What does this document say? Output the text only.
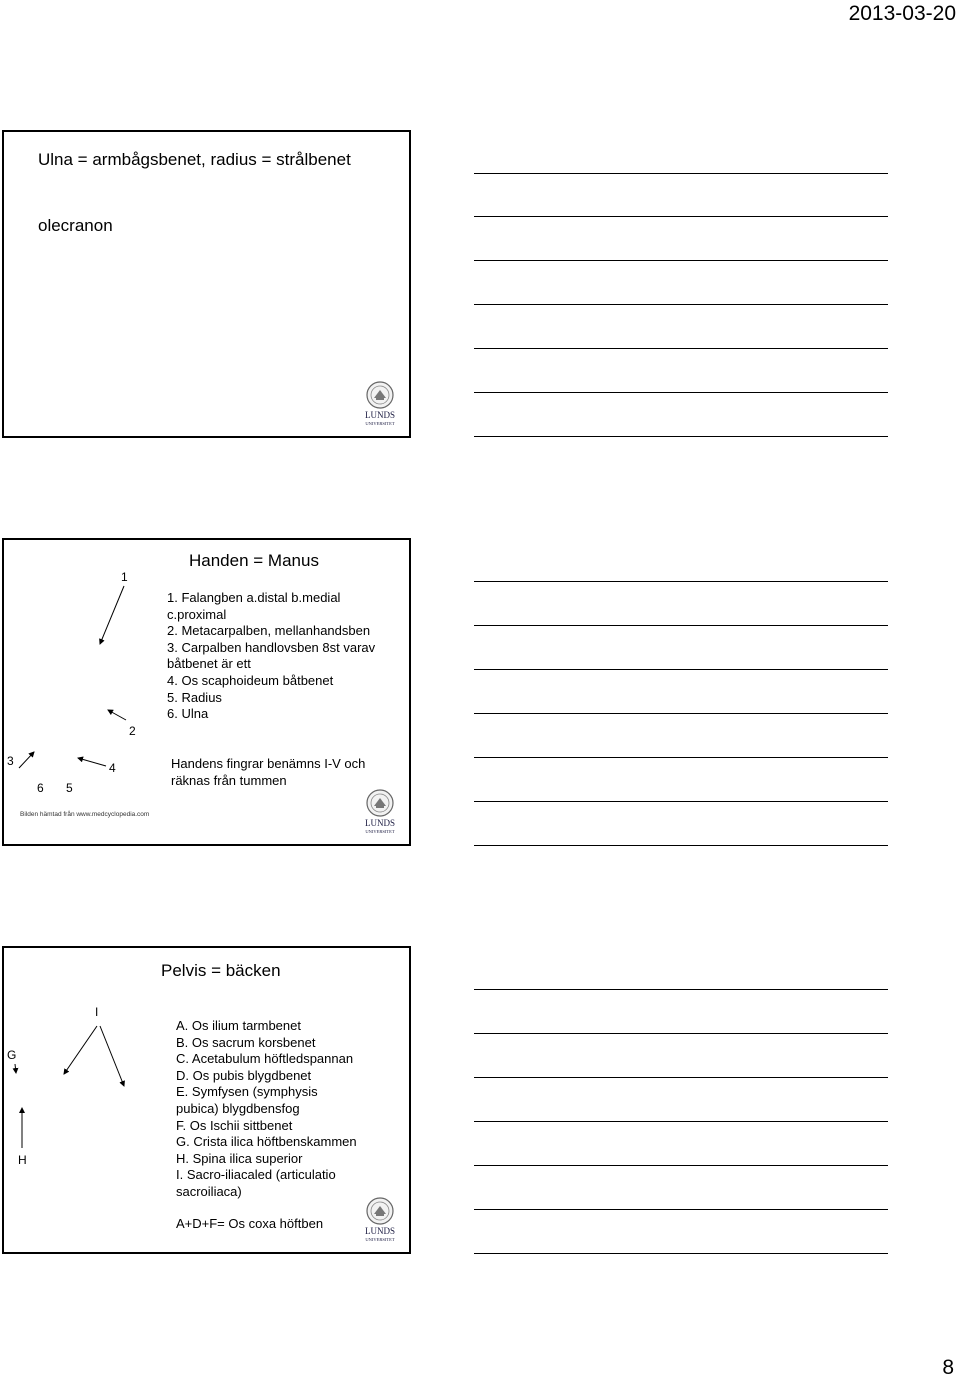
2013-03-20
Ulna = armbågsbenet, radius = strålbenet
olecranon
LUNDS
UNIVERSITET
Handen = Manus
1. Falangben a.distal b.medial
c.proximal
2. Metacarpalben, mellanhandsben
3. Carpalben handlovsben 8st varav
båtbenet är ett
4. Os scaphoideum båtbenet
5. Radius
6. Ulna
Handens fingrar benämns I-V och
räknas från tummen
1
2
3	4
5
6
Bilden hämtad från www.medcyclopedia.com
LUNDS
UNIVERSITET
Pelvis = bäcken
A. Os ilium tarmbenet
B. Os sacrum korsbenet
C. Acetabulum höftledspannan
D. Os pubis blygdbenet
E. Symfysen (symphysis
pubica) blygdbensfog
F. Os Ischii sittbenet
G. Crista ilica höftbenskammen
H. Spina ilica superior
I. Sacro-iliacaled (articulatio
sacroiliaca)
A+D+F= Os coxa höftben
I
G
H
LUNDS
UNIVERSITET
8
